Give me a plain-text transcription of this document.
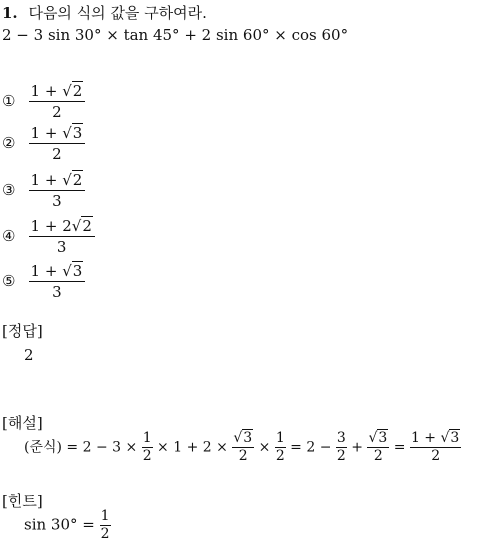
1. 다음의 식의 값을 구하여라.
2 − 3 sin 30° × tan 45° + 2 sin 60° × cos 60°
① $\frac{1 + √2}{2}$
② $\frac{1 + √3}{2}$
③ $\frac{1 + √2}{3}$
④ $\frac{1 + 2√2}{3}$
⑤ $\frac{1 + √3}{3}$
[정답]
2
[해설]
(준식) = $2 - 3 \times \frac{1}{2} \times 1 + 2 \times \frac{√3}{2} \times \frac{1}{2} = 2 - \frac{3}{2} + \frac{√3}{2} = \frac{1 + √3}{2}$
[힌트]
$\sin 30^\circ = \frac{1}{2}$
